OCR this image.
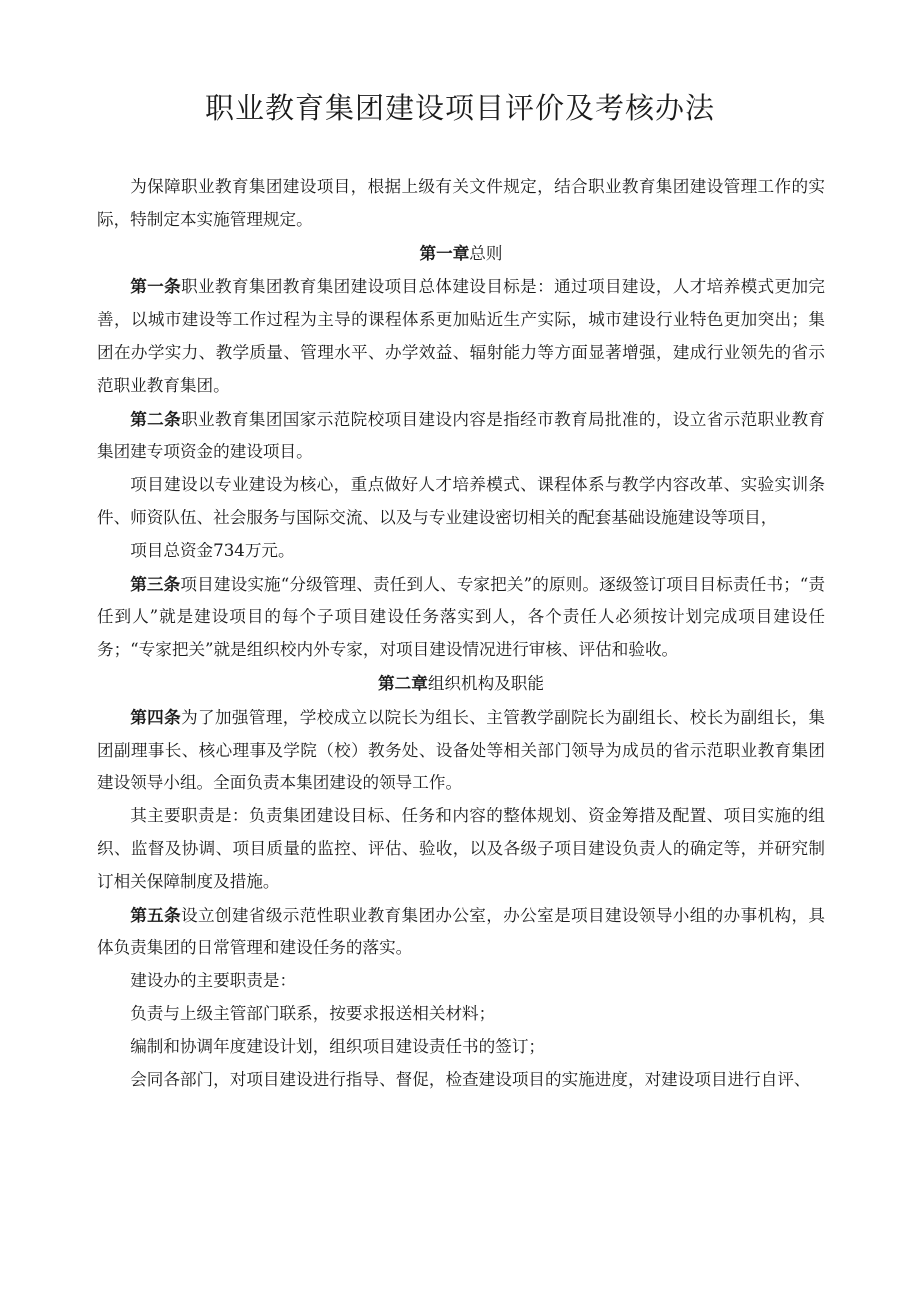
职业教育集团建设项目评价及考核办法

为保障职业教育集团建设项目，根据上级有关文件规定，结合职业教育集团建设管理工作的实际，特制定本实施管理规定。

第一章总则

第一条职业教育集团教育集团建设项目总体建设目标是：通过项目建设，人才培养模式更加完善，以城市建设等工作过程为主导的课程体系更加贴近生产实际，城市建设行业特色更加突出；集团在办学实力、教学质量、管理水平、办学效益、辐射能力等方面显著增强，建成行业领先的省示范职业教育集团。

第二条职业教育集团国家示范院校项目建设内容是指经市教育局批准的，设立省示范职业教育集团建专项资金的建设项目。

项目建设以专业建设为核心，重点做好人才培养模式、课程体系与教学内容改革、实验实训条件、师资队伍、社会服务与国际交流、以及与专业建设密切相关的配套基础设施建设等项目，

项目总资金734万元。

第三条项目建设实施“分级管理、责任到人、专家把关”的原则。逐级签订项目目标责任书；“责任到人”就是建设项目的每个子项目建设任务落实到人，各个责任人必须按计划完成项目建设任务；“专家把关”就是组织校内外专家，对项目建设情况进行审核、评估和验收。

第二章组织机构及职能

第四条为了加强管理，学校成立以院长为组长、主管教学副院长为副组长、校长为副组长，集团副理事长、核心理事及学院（校）教务处、设备处等相关部门领导为成员的省示范职业教育集团建设领导小组。全面负责本集团建设的领导工作。

其主要职责是：负责集团建设目标、任务和内容的整体规划、资金筹措及配置、项目实施的组织、监督及协调、项目质量的监控、评估、验收，以及各级子项目建设负责人的确定等，并研究制订相关保障制度及措施。

第五条设立创建省级示范性职业教育集团办公室，办公室是项目建设领导小组的办事机构，具体负责集团的日常管理和建设任务的落实。

建设办的主要职责是：

负责与上级主管部门联系，按要求报送相关材料；

编制和协调年度建设计划，组织项目建设责任书的签订；

会同各部门，对项目建设进行指导、督促，检查建设项目的实施进度，对建设项目进行自评、
